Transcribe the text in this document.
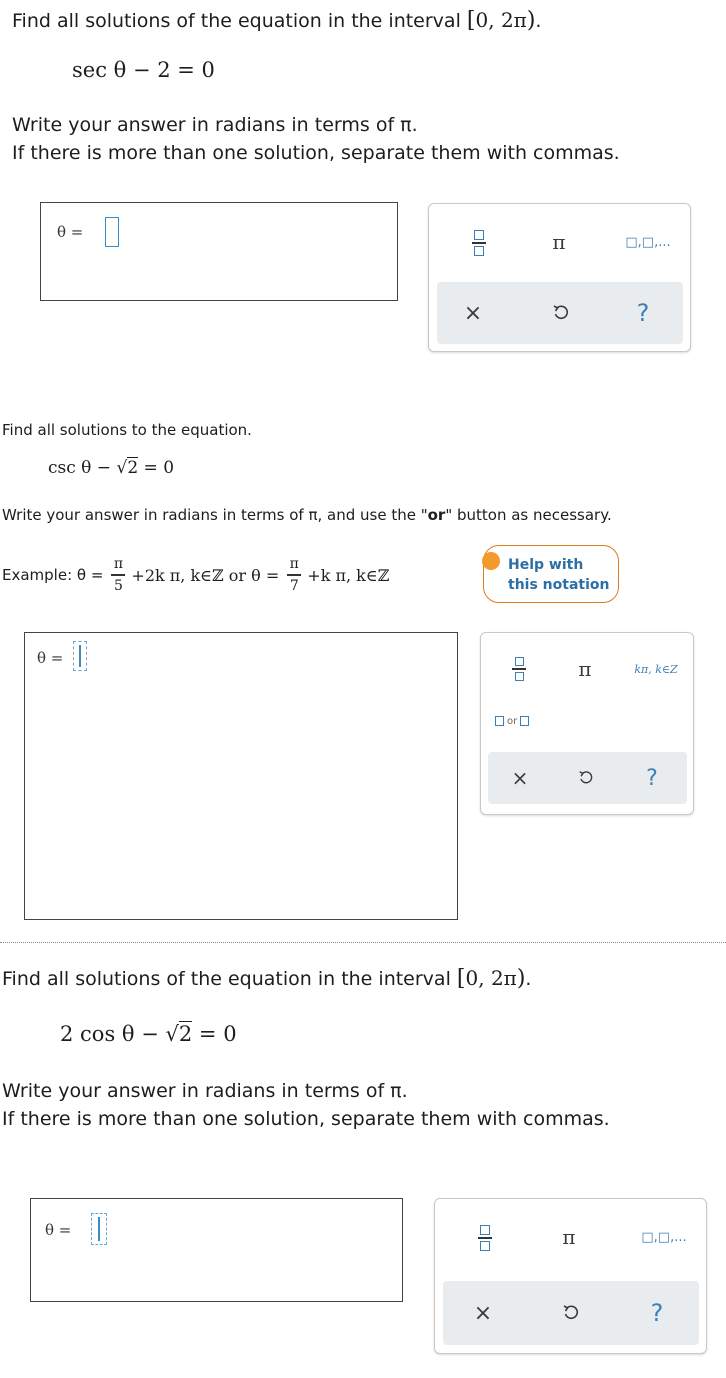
Find all solutions of the equation in the interval [0, 2π).
sec θ − 2 = 0
Write your answer in radians in terms of π.
If there is more than one solution, separate them with commas.
θ =	π	□,□,...
×	?
Find all solutions to the equation.
csc θ − √2 = 0
Write your answer in radians in terms of π, and use the "or" button as necessary.
Example: $\theta = \frac{\pi}{5} +2k$ π, k∈ℤ or $\theta = \frac{\pi}{7} +k$ π, k∈ℤ
Help with
this notation
θ =	π	kπ, k∈Z
or
×	?
Find all solutions of the equation in the interval [0, 2π).
2 cos θ − √2 = 0
Write your answer in radians in terms of π.
If there is more than one solution, separate them with commas.
θ =	π	□,□,...
×	?
